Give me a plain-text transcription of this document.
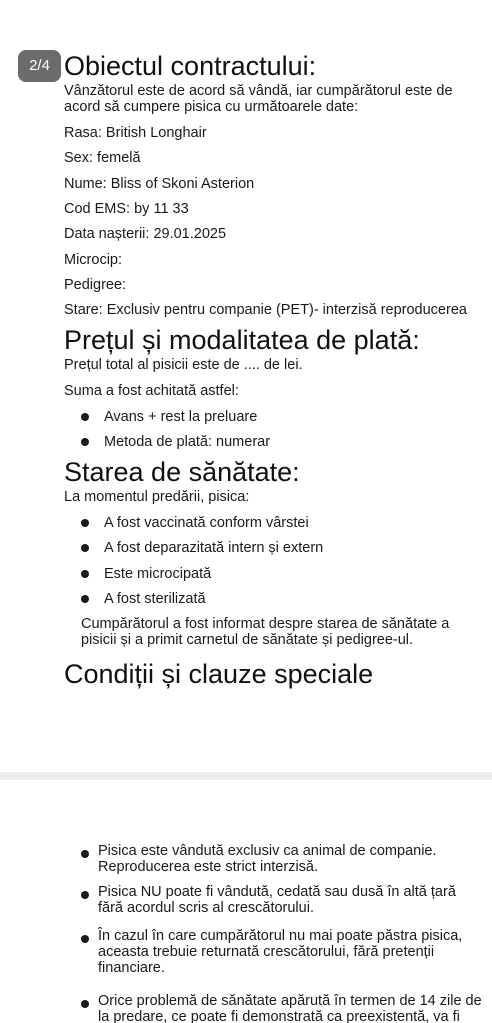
2/4 Obiectul contractului:

Vânzătorul este de acord să vândă, iar cumpărătorul este de acord să cumpere pisica cu următoarele date:

Rasa: British Longhair
Sex: femelă
Nume: Bliss of Skoni Asterion
Cod EMS: by 11 33
Data nașterii: 29.01.2025
Microcip:
Pedigree:
Stare: Exclusiv pentru companie (PET)- interzisă reproducerea
Prețul și modalitatea de plată:
Prețul total al pisicii este de .... de lei.
Suma a fost achitată astfel:
Avans + rest la preluare
Metoda de plată: numerar
Starea de sănătate:
La momentul predării, pisica:
A fost vaccinată conform vârstei
A fost deparazitată intern și extern
Este microcipată
A fost sterilizată

Cumpărătorul a fost informat despre starea de sănătate a pisicii și a primit carnetul de sănătate și pedigree-ul.

Condiții și clauze speciale

Pisica este vândută exclusiv ca animal de companie. Reproducerea este strict interzisă.

Pisica NU poate fi vândută, cedată sau dusă în altă țară fără acordul scris al crescătorului.

În cazul în care cumpărătorul nu mai poate păstra pisica, aceasta trebuie returnată crescătorului, fără pretenții financiare.

Orice problemă de sănătate apărută în termen de 14 zile de la predare, ce poate fi demonstrată ca preexistentă, va fi
